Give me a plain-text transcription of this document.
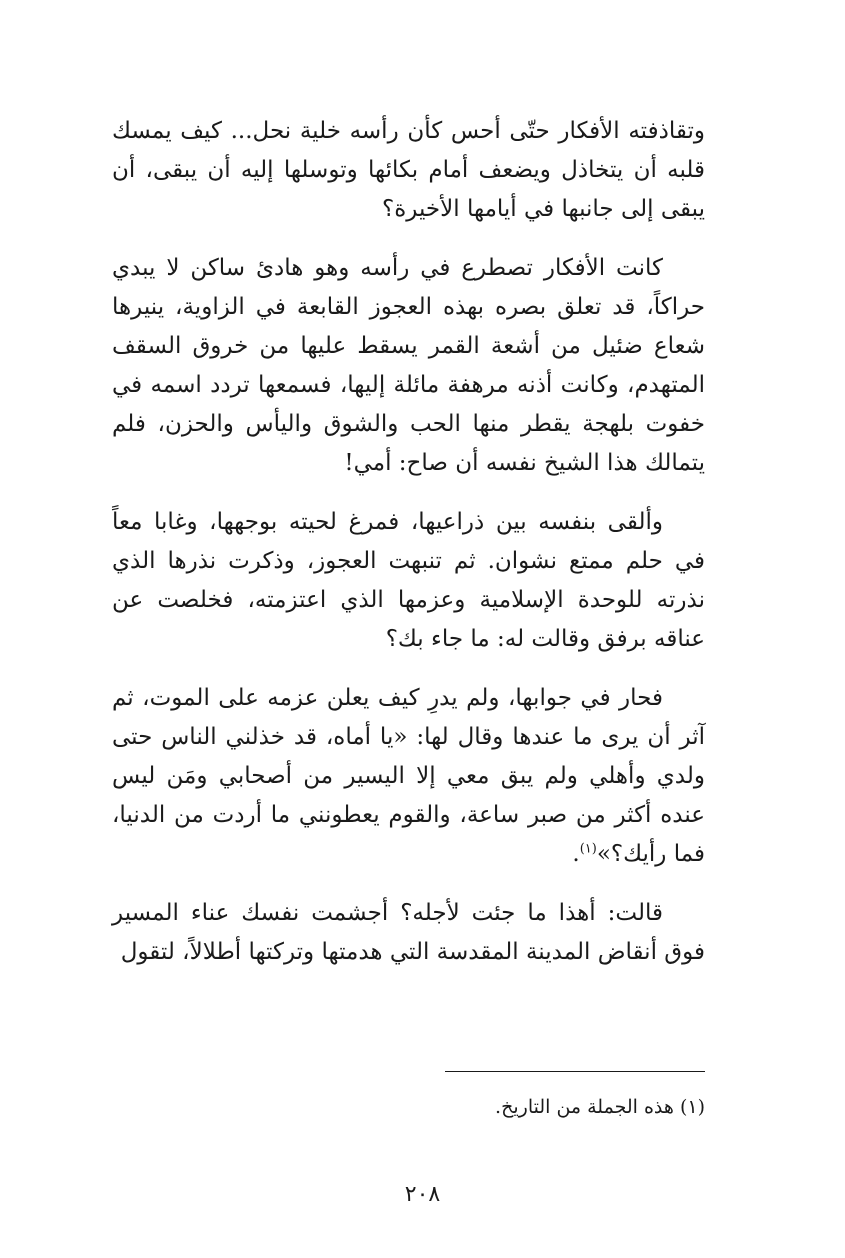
وتقاذفته الأفكار حتّى أحس كأن رأسه خلية نحل... كيف يمسك قلبه أن يتخاذل ويضعف أمام بكائها وتوسلها إليه أن يبقى، أن يبقى إلى جانبها في أيامها الأخيرة؟

كانت الأفكار تصطرع في رأسه وهو هادئ ساكن لا يبدي حراكاً، قد تعلق بصره بهذه العجوز القابعة في الزاوية، ينيرها شعاع ضئيل من أشعة القمر يسقط عليها من خروق السقف المتهدم، وكانت أذنه مرهفة مائلة إليها، فسمعها تردد اسمه في خفوت بلهجة يقطر منها الحب والشوق واليأس والحزن، فلم يتمالك هذا الشيخ نفسه أن صاح: أمي!

وألقى بنفسه بين ذراعيها، فمرغ لحيته بوجهها، وغابا معاً في حلم ممتع نشوان. ثم تنبهت العجوز، وذكرت نذرها الذي نذرته للوحدة الإسلامية وعزمها الذي اعتزمته، فخلصت عن عناقه برفق وقالت له: ما جاء بك؟

فحار في جوابها، ولم يدرِ كيف يعلن عزمه على الموت، ثم آثر أن يرى ما عندها وقال لها: «يا أماه، قد خذلني الناس حتى ولدي وأهلي ولم يبق معي إلا اليسير من أصحابي ومَن ليس عنده أكثر من صبر ساعة، والقوم يعطونني ما أردت من الدنيا، فما رأيك؟»$^{(١)}$.

قالت: أهذا ما جئت لأجله؟ أجشمت نفسك عناء المسير فوق أنقاض المدينة المقدسة التي هدمتها وتركتها أطلالاً، لتقول

(١) هذه الجملة من التاريخ.
٢٠٨
